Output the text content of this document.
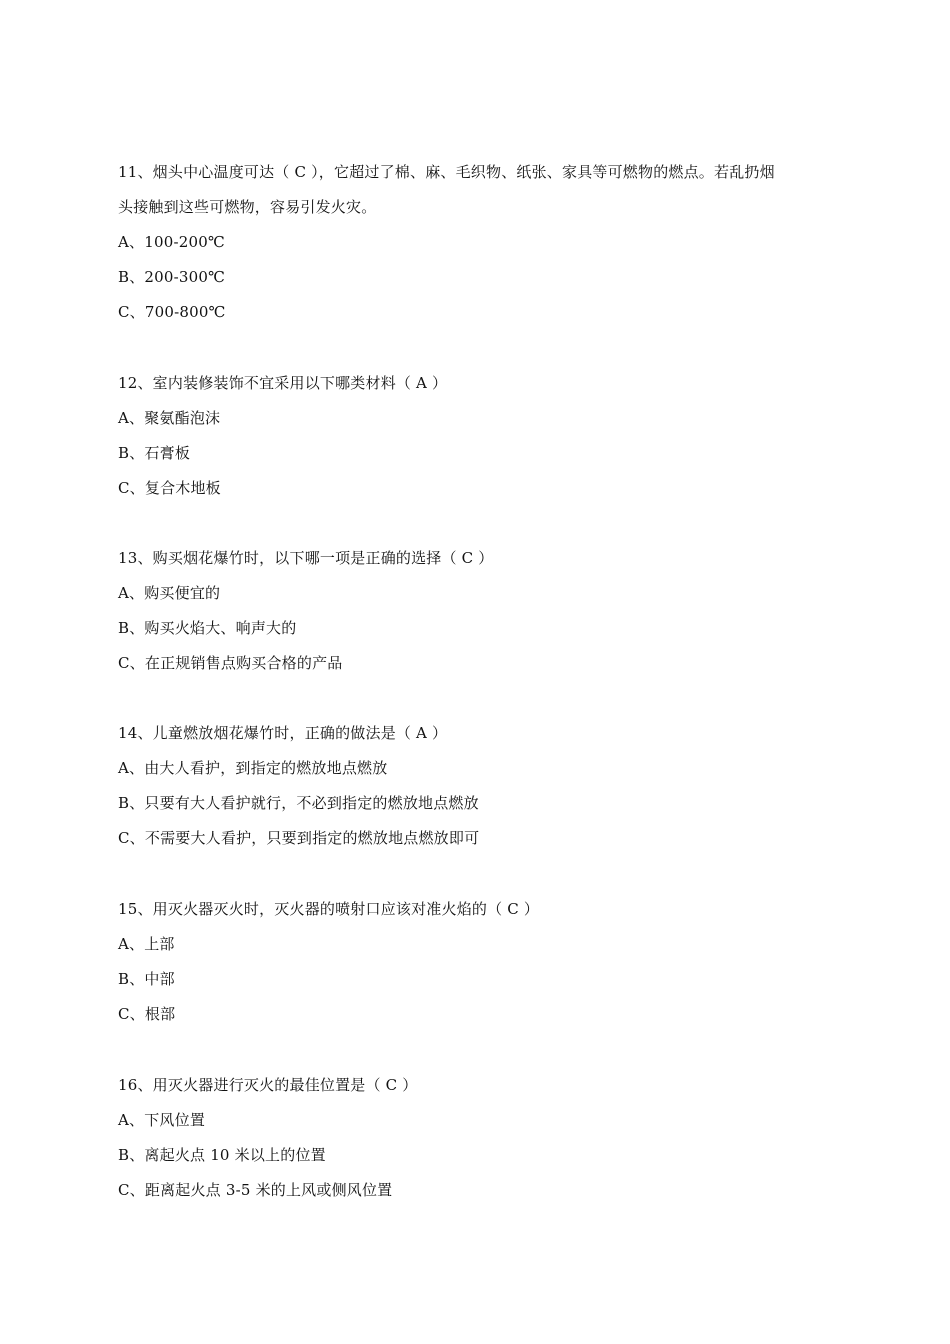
11、烟头中心温度可达（ C ），它超过了棉、麻、毛织物、纸张、家具等可燃物的燃点。若乱扔烟
头接触到这些可燃物，容易引发火灾。
A、100-200℃
B、200-300℃
C、700-800℃
12、室内装修装饰不宜采用以下哪类材料（ A ）
A、聚氨酯泡沫
B、石膏板
C、复合木地板
13、购买烟花爆竹时，以下哪一项是正确的选择（ C ）
A、购买便宜的
B、购买火焰大、响声大的
C、在正规销售点购买合格的产品
14、儿童燃放烟花爆竹时，正确的做法是（ A ）
A、由大人看护，到指定的燃放地点燃放
B、只要有大人看护就行，不必到指定的燃放地点燃放
C、不需要大人看护，只要到指定的燃放地点燃放即可
15、用灭火器灭火时，灭火器的喷射口应该对准火焰的（ C ）
A、上部
B、中部
C、根部
16、用灭火器进行灭火的最佳位置是（ C ）
A、下风位置
B、离起火点 10 米以上的位置
C、距离起火点 3-5 米的上风或侧风位置
